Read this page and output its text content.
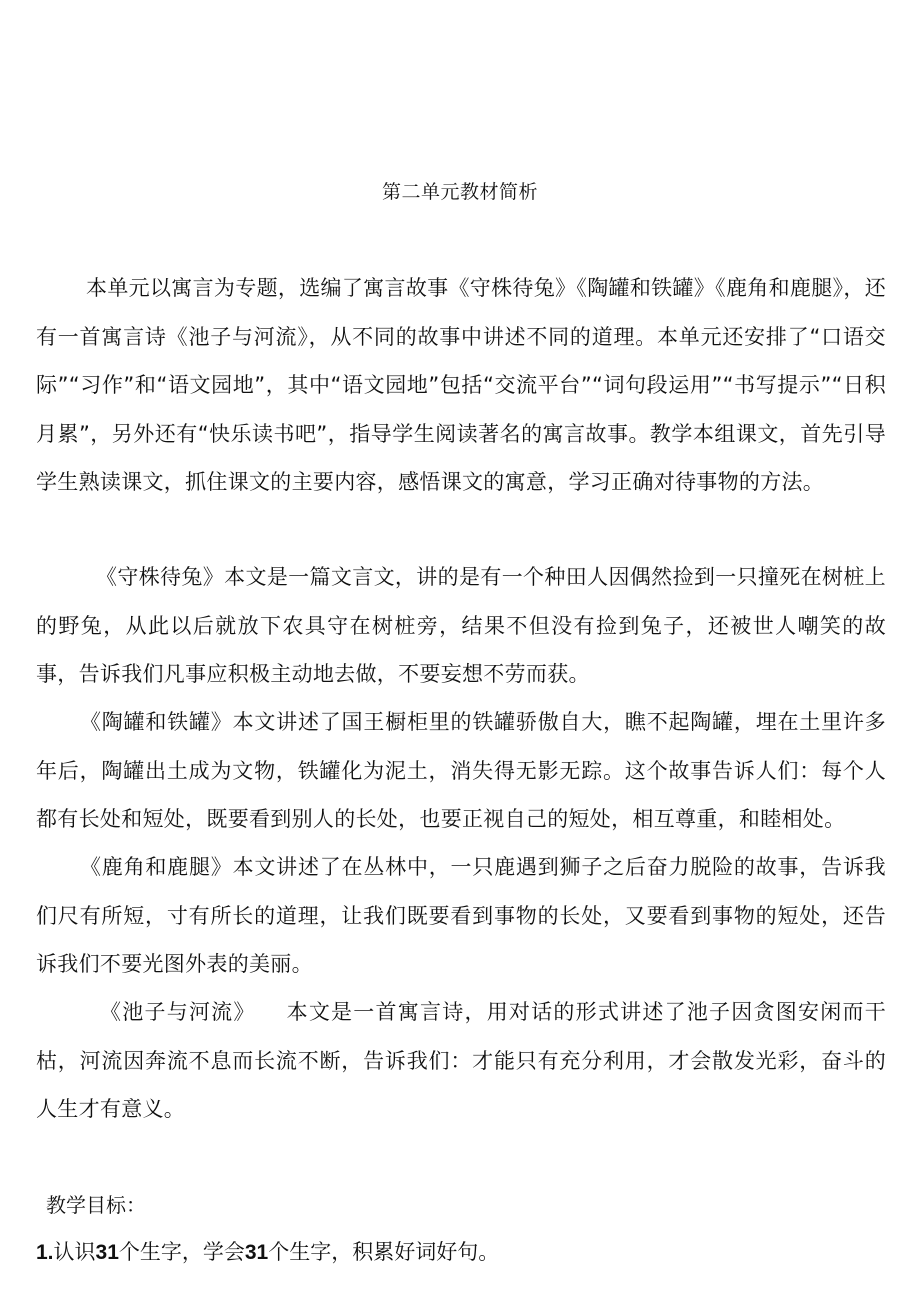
第二单元教材简析

本单元以寓言为专题，选编了寓言故事《守株待兔》《陶罐和铁罐》《鹿角和鹿腿》，还有一首寓言诗《池子与河流》，从不同的故事中讲述不同的道理。本单元还安排了“口语交际”“习作”和“语文园地”，其中“语文园地”包括“交流平台”“词句段运用”“书写提示”“日积月累”，另外还有“快乐读书吧”，指导学生阅读著名的寓言故事。教学本组课文，首先引导学生熟读课文，抓住课文的主要内容，感悟课文的寓意，学习正确对待事物的方法。

《守株待兔》本文是一篇文言文，讲的是有一个种田人因偶然捡到一只撞死在树桩上的野兔，从此以后就放下农具守在树桩旁，结果不但没有捡到兔子，还被世人嘲笑的故事，告诉我们凡事应积极主动地去做，不要妄想不劳而获。

《陶罐和铁罐》本文讲述了国王橱柜里的铁罐骄傲自大，瞧不起陶罐，埋在土里许多年后，陶罐出土成为文物，铁罐化为泥土，消失得无影无踪。这个故事告诉人们：每个人都有长处和短处，既要看到别人的长处，也要正视自己的短处，相互尊重，和睦相处。

《鹿角和鹿腿》本文讲述了在丛林中，一只鹿遇到狮子之后奋力脱险的故事，告诉我们尺有所短，寸有所长的道理，让我们既要看到事物的长处，又要看到事物的短处，还告诉我们不要光图外表的美丽。

《池子与河流》 本文是一首寓言诗，用对话的形式讲述了池子因贪图安闲而干枯，河流因奔流不息而长流不断，告诉我们：才能只有充分利用，才会散发光彩，奋斗的人生才有意义。

教学目标：

1.认识31个生字，学会31个生字，积累好词好句。
